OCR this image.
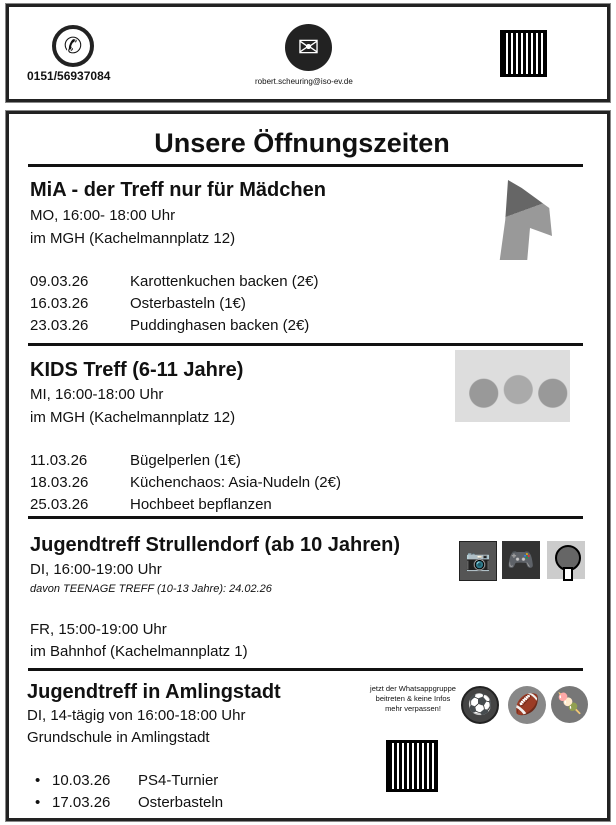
✆
0151/56937084
✉
robert.scheuring@iso-ev.de
Unsere Öffnungszeiten
MiA - der Treff nur für Mädchen
MO, 16:00- 18:00 Uhr
im MGH (Kachelmannplatz 12)
09.03.26	Karottenkuchen backen (2€)
16.03.26	Osterbasteln (1€)
23.03.26	Puddinghasen backen (2€)
KIDS Treff (6-11 Jahre)
MI, 16:00-18:00 Uhr
im MGH (Kachelmannplatz 12)
11.03.26	Bügelperlen (1€)
18.03.26	Küchenchaos: Asia-Nudeln (2€)
25.03.26	Hochbeet bepflanzen
Jugendtreff Strullendorf (ab 10 Jahren)
DI, 16:00-19:00 Uhr
davon TEENAGE TREFF (10-13 Jahre): 24.02.26
FR, 15:00-19:00 Uhr
im Bahnhof (Kachelmannplatz 1)
📷 🎮
Jugendtreff in Amlingstadt
DI, 14-tägig von 16:00-18:00 Uhr
Grundschule in Amlingstadt
• 10.03.26 PS4-Turnier
• 17.03.26 Osterbasteln
jetzt der Whatsappgruppe beitreten & keine Infos mehr verpassen!	⚽	🏈 🍡
